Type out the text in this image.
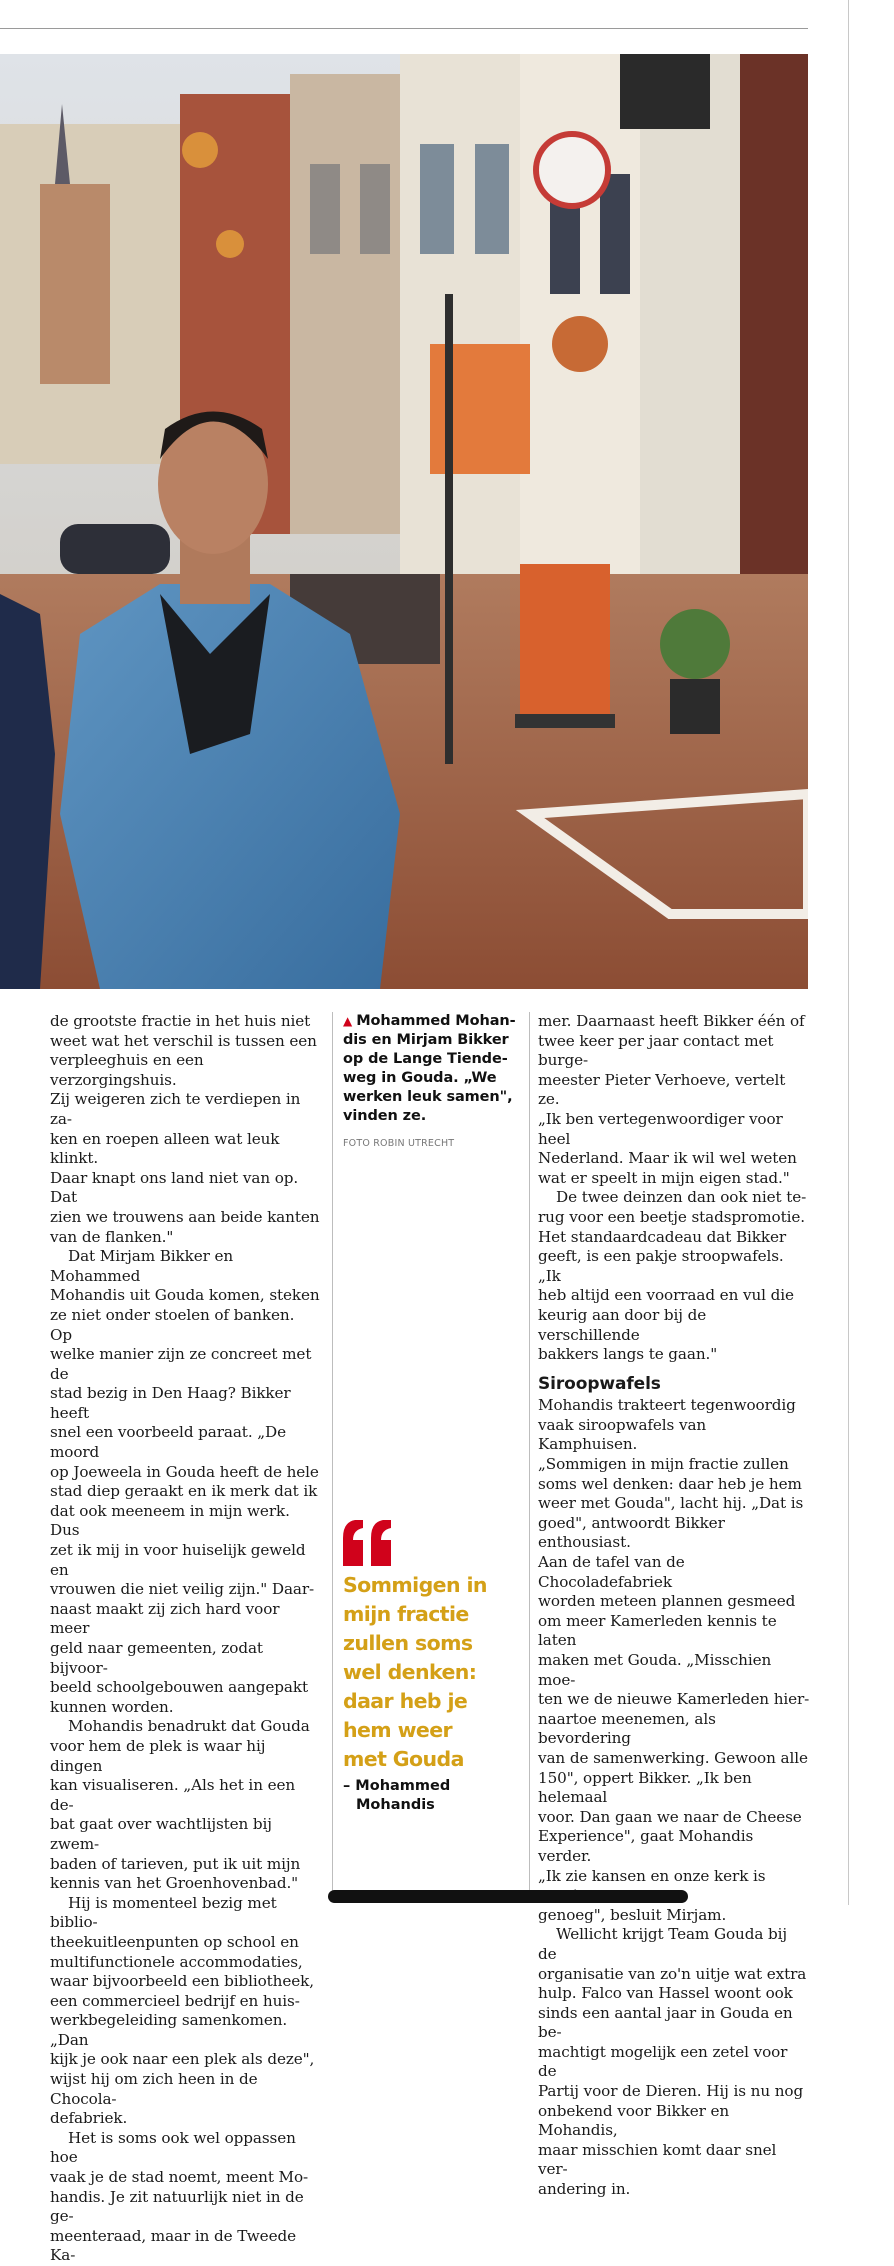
de grootste fractie in het huis niet
weet wat het verschil is tussen een
verpleeghuis en een verzorgingshuis.
Zij weigeren zich te verdiepen in za-
ken en roepen alleen wat leuk klinkt.
Daar knapt ons land niet van op. Dat
zien we trouwens aan beide kanten
van de flanken."

Dat Mirjam Bikker en Mohammed
Mohandis uit Gouda komen, steken
ze niet onder stoelen of banken. Op
welke manier zijn ze concreet met de
stad bezig in Den Haag? Bikker heeft
snel een voorbeeld paraat. „De moord
op Joeweela in Gouda heeft de hele
stad diep geraakt en ik merk dat ik
dat ook meeneem in mijn werk. Dus
zet ik mij in voor huiselijk geweld en
vrouwen die niet veilig zijn." Daar-
naast maakt zij zich hard voor meer
geld naar gemeenten, zodat bijvoor-
beeld schoolgebouwen aangepakt
kunnen worden.

Mohandis benadrukt dat Gouda
voor hem de plek is waar hij dingen
kan visualiseren. „Als het in een de-
bat gaat over wachtlijsten bij zwem-
baden of tarieven, put ik uit mijn
kennis van het Groenhovenbad."

Hij is momenteel bezig met biblio-
theekuitleenpunten op school en
multifunctionele accommodaties,
waar bijvoorbeeld een bibliotheek,
een commercieel bedrijf en huis-
werkbegeleiding samenkomen. „Dan
kijk je ook naar een plek als deze",
wijst hij om zich heen in de Chocola-
defabriek.

Het is soms ook wel oppassen hoe
vaak je de stad noemt, meent Mo-
handis. Je zit natuurlijk niet in de ge-
meenteraad, maar in de Tweede Ka-

▲ Mohammed Mohan-
dis en Mirjam Bikker
op de Lange Tiende-
weg in Gouda. „We
werken leuk samen",
vinden ze.
FOTO ROBIN UTRECHT
Sommigen in
mijn fractie
zullen soms
wel denken:
daar heb je
hem weer
met Gouda
– Mohammed
Mohandis

mer. Daarnaast heeft Bikker één of
twee keer per jaar contact met burge-
meester Pieter Verhoeve, vertelt ze.
„Ik ben vertegenwoordiger voor heel
Nederland. Maar ik wil wel weten
wat er speelt in mijn eigen stad."

De twee deinzen dan ook niet te-
rug voor een beetje stadspromotie.
Het standaardcadeau dat Bikker
geeft, is een pakje stroopwafels. „Ik
heb altijd een voorraad en vul die
keurig aan door bij de verschillende
bakkers langs te gaan."

Siroopwafels

Mohandis trakteert tegenwoordig
vaak siroopwafels van Kamphuisen.
„Sommigen in mijn fractie zullen
soms wel denken: daar heb je hem
weer met Gouda", lacht hij. „Dat is
goed", antwoordt Bikker enthousiast.
Aan de tafel van de Chocoladefabriek
worden meteen plannen gesmeed
om meer Kamerleden kennis te laten
maken met Gouda. „Misschien moe-
ten we de nieuwe Kamerleden hier-
naartoe meenemen, als bevordering
van de samenwerking. Gewoon alle
150", oppert Bikker. „Ik ben helemaal
voor. Dan gaan we naar de Cheese
Experience", gaat Mohandis verder.
„Ik zie kansen en onze kerk is
genoeg", besluit Mirjam.

Wellicht krijgt Team Gouda bij de
organisatie van zo'n uitje wat extra
hulp. Falco van Hassel woont ook
sinds een aantal jaar in Gouda en be-
machtigt mogelijk een zetel voor de
Partij voor de Dieren. Hij is nu nog
onbekend voor Bikker en Mohandis,
maar misschien komt daar snel ver-
andering in.
